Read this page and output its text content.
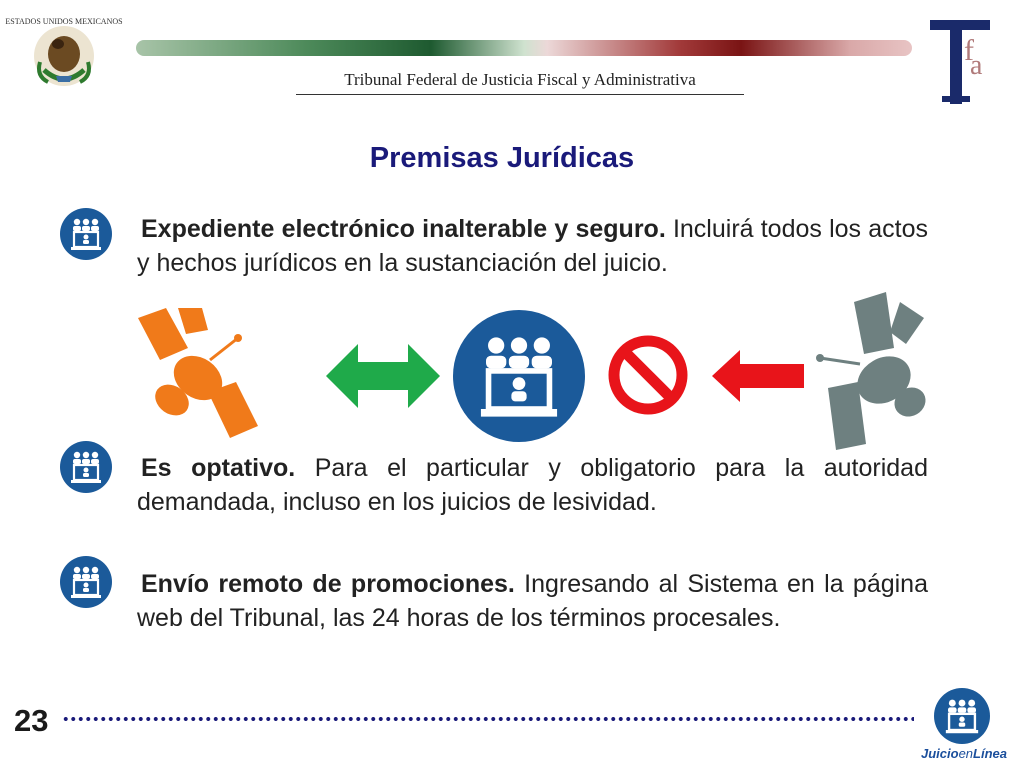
ESTADOS UNIDOS MEXICANOS
Tribunal Federal de Justicia Fiscal y Administrativa
f
a
j
Premisas Jurídicas
Expediente electrónico inalterable y seguro. Incluirá todos los actos y hechos jurídicos en la sustanciación del juicio.
Es optativo. Para el particular y obligatorio para la autoridad demandada, incluso en los juicios de lesividad.
Envío remoto de promociones. Ingresando al Sistema en la página web del Tribunal, las 24 horas de los términos procesales.
23
JuicioenLínea
